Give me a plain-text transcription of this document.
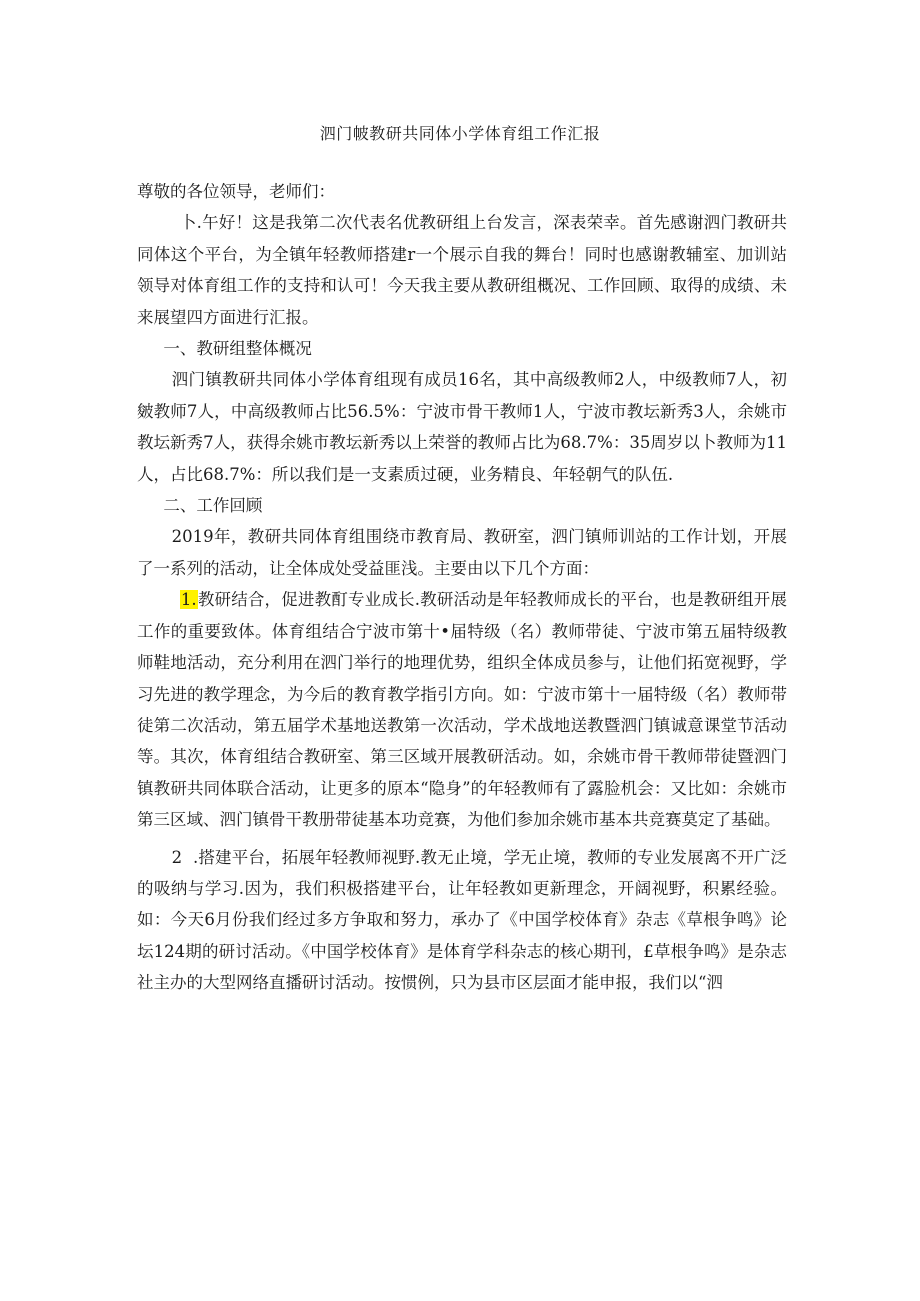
泗门帔教研共同体小学体育组工作汇报

尊敬的各位领导，老师们：

卜.午好！这是我第二次代表名优教研组上台发言，深表荣幸。首先感谢泗门教研共同体这个平台，为全镇年轻教师搭建r一个展示自我的舞台！同时也感谢教辅室、加训站领导对体育组工作的支持和认可！今天我主要从教研组概况、工作回顾、取得的成绩、未来展望四方面进行汇报。

一、教研组整体概况

泗门镇教研共同体小学体育组现有成员16名，其中高级教师2人，中级教师7人，初皴教师7人，中高级教师占比56.5%：宁波市骨干教师1人，宁波市教坛新秀3人，余姚市教坛新秀7人，获得余姚市教坛新秀以上荣誉的教师占比为68.7%：35周岁以卜教师为11人，占比68.7%：所以我们是一支素质过硬，业务精良、年轻朝气的队伍.

二、工作回顾

2019年，教研共同体育组围绕市教育局、教研室，泗门镇师训站的工作计划，开展了一系列的活动，让全体成处受益匪浅。主要由以下几个方面：

1.教研结合，促进教酊专业成长.教研活动是年轻教师成长的平台，也是教研组开展工作的重要致体。体育组结合宁波市第十•届特级（名）教师带徒、宁波市第五届特级教师鞋地活动，充分利用在泗门举行的地理优势，组织全体成员参与，让他们拓宽视野，学习先进的教学理念，为今后的教育教学指引方向。如：宁波市第十一届特级（名）教师带徒第二次活动，第五届学术基地送教第一次活动，学术战地送教暨泗门镇诚意课堂节活动等。其次，体育组结合教研室、第三区域开展教研活动。如，余姚市骨干教师带徒暨泗门镇教研共同体联合活动，让更多的原本“隐身”的年轻教师有了露脸机会：又比如：余姚市第三区域、泗门镇骨干教册带徒基本功竞赛，为他们参加余姚市基本共竞赛莫定了基础。

2 .搭建平台，拓展年轻教师视野.教无止境，学无止境，教师的专业发展离不开广泛的吸纳与学习.因为，我们积极搭建平台，让年轻教如更新理念，开阔视野，积累经验。如：今天6月份我们经过多方争取和努力，承办了《中国学校体育》杂志《草根争鸣》论坛124期的研讨活动。《中国学校体育》是体育学科杂志的核心期刊，£草根争鸣》是杂志社主办的大型网络直播研讨活动。按惯例，只为县市区层面才能申报，我们以“泗
